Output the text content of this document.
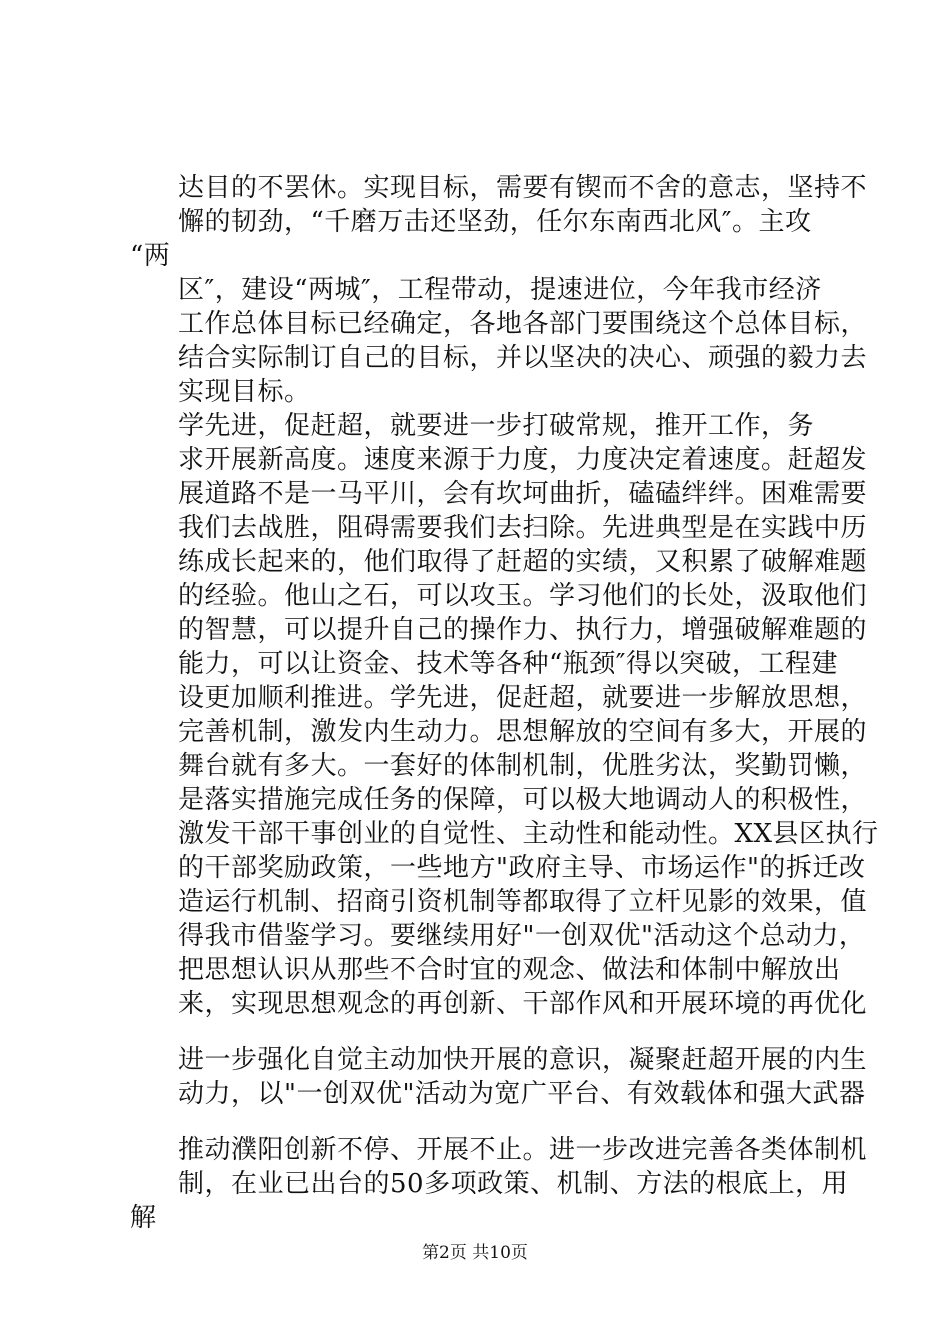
达目的不罢休。实现目标，需要有锲而不舍的意志，坚持不
懈的韧劲，“千磨万击还坚劲，任尔东南西北风″。主攻
“两
区″，建设“两城″，工程带动，提速进位，今年我市经济
工作总体目标已经确定，各地各部门要围绕这个总体目标，
结合实际制订自己的目标，并以坚决的决心、顽强的毅力去
实现目标。
学先进，促赶超，就要进一步打破常规，推开工作，务
求开展新高度。速度来源于力度，力度决定着速度。赶超发
展道路不是一马平川，会有坎坷曲折，磕磕绊绊。困难需要
我们去战胜，阻碍需要我们去扫除。先进典型是在实践中历
练成长起来的，他们取得了赶超的实绩，又积累了破解难题
的经验。他山之石，可以攻玉。学习他们的长处，汲取他们
的智慧，可以提升自己的操作力、执行力，增强破解难题的
能力，可以让资金、技术等各种“瓶颈″得以突破，工程建
设更加顺利推进。学先进，促赶超，就要进一步解放思想，
完善机制，激发内生动力。思想解放的空间有多大，开展的
舞台就有多大。一套好的体制机制，优胜劣汰，奖勤罚懒，
是落实措施完成任务的保障，可以极大地调动人的积极性，
激发干部干事创业的自觉性、主动性和能动性。XX县区执行
的干部奖励政策，一些地方"政府主导、市场运作"的拆迁改
造运行机制、招商引资机制等都取得了立杆见影的效果，值
得我市借鉴学习。要继续用好"一创双优"活动这个总动力，
把思想认识从那些不合时宜的观念、做法和体制中解放出
来，实现思想观念的再创新、干部作风和开展环境的再优化
进一步强化自觉主动加快开展的意识，凝聚赶超开展的内生
动力，以"一创双优"活动为宽广平台、有效载体和强大武器
推动濮阳创新不停、开展不止。进一步改进完善各类体制机
制，在业已出台的50多项政策、机制、方法的根底上，用
解
第2页 共10页
